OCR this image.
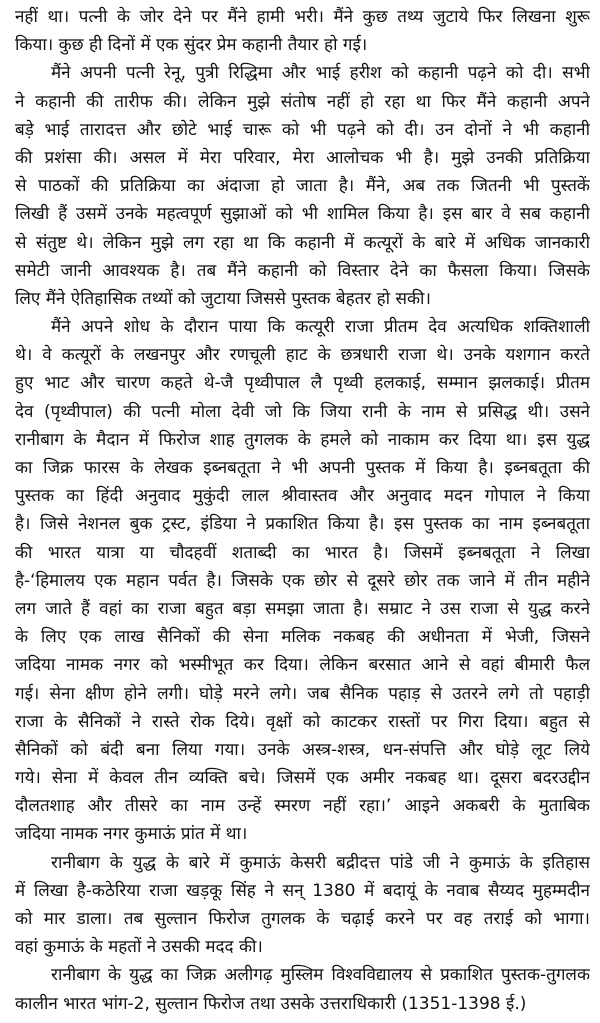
नहीं था। पत्नी के जोर देने पर मैंने हामी भरी। मैंने कुछ तथ्य जुटाये फिर लिखना शुरू
किया। कुछ ही दिनों में एक सुंदर प्रेम कहानी तैयार हो गई।
मैंने अपनी पत्नी रेनू, पुत्री रिद्धिमा और भाई हरीश को कहानी पढ़ने को दी। सभी
ने कहानी की तारीफ की। लेकिन मुझे संतोष नहीं हो रहा था फिर मैंने कहानी अपने
बड़े भाई तारादत्त और छोटे भाई चारू को भी पढ़ने को दी। उन दोनों ने भी कहानी
की प्रशंसा की। असल में मेरा परिवार, मेरा आलोचक भी है। मुझे उनकी प्रतिक्रिया
से पाठकों की प्रतिक्रिया का अंदाजा हो जाता है। मैंने, अब तक जितनी भी पुस्तकें
लिखी हैं उसमें उनके महत्वपूर्ण सुझाओं को भी शामिल किया है। इस बार वे सब कहानी
से संतुष्ट थे। लेकिन मुझे लग रहा था कि कहानी में कत्यूरों के बारे में अधिक जानकारी
समेटी जानी आवश्यक है। तब मैंने कहानी को विस्तार देने का फैसला किया। जिसके
लिए मैंने ऐतिहासिक तथ्यों को जुटाया जिससे पुस्तक बेहतर हो सकी।
मैंने अपने शोध के दौरान पाया कि कत्यूरी राजा प्रीतम देव अत्यधिक शक्तिशाली
थे। वे कत्यूरों के लखनपुर और रणचूली हाट के छत्रधारी राजा थे। उनके यशगान करते
हुए भाट और चारण कहते थे-जै पृथ्वीपाल लै पृथ्वी हलकाई, सम्मान झलकाई। प्रीतम
देव (पृथ्वीपाल) की पत्नी मोला देवी जो कि जिया रानी के नाम से प्रसिद्ध थी। उसने
रानीबाग के मैदान में फिरोज शाह तुगलक के हमले को नाकाम कर दिया था। इस युद्ध
का जिक्र फारस के लेखक इब्नबतूता ने भी अपनी पुस्तक में किया है। इब्नबतूता की
पुस्तक का हिंदी अनुवाद मुकुंदी लाल श्रीवास्तव और अनुवाद मदन गोपाल ने किया
है। जिसे नेशनल बुक ट्रस्ट, इंडिया ने प्रकाशित किया है। इस पुस्तक का नाम इब्नबतूता
की भारत यात्रा या चौदहवीं शताब्दी का भारत है। जिसमें इब्नबतूता ने लिखा
है-‘हिमालय एक महान पर्वत है। जिसके एक छोर से दूसरे छोर तक जाने में तीन महीने
लग जाते हैं वहां का राजा बहुत बड़ा समझा जाता है। सम्राट ने उस राजा से युद्ध करने
के लिए एक लाख सैनिकों की सेना मलिक नकबह की अधीनता में भेजी, जिसने
जदिया नामक नगर को भस्मीभूत कर दिया। लेकिन बरसात आने से वहां बीमारी फैल
गई। सेना क्षीण होने लगी। घोड़े मरने लगे। जब सैनिक पहाड़ से उतरने लगे तो पहाड़ी
राजा के सैनिकों ने रास्ते रोक दिये। वृक्षों को काटकर रास्तों पर गिरा दिया। बहुत से
सैनिकों को बंदी बना लिया गया। उनके अस्त्र-शस्त्र, धन-संपत्ति और घोड़े लूट लिये
गये। सेना में केवल तीन व्यक्ति बचे। जिसमें एक अमीर नकबह था। दूसरा बदरउद्दीन
दौलतशाह और तीसरे का नाम उन्हें स्मरण नहीं रहा।’ आइने अकबरी के मुताबिक
जदिया नामक नगर कुमाऊं प्रांत में था।
रानीबाग के युद्ध के बारे में कुमाऊं केसरी बद्रीदत्त पांडे जी ने कुमाऊं के इतिहास
में लिखा है-कठेरिया राजा खड़कू सिंह ने सन् 1380 में बदायूं के नवाब सैय्यद मुहम्मदीन
को मार डाला। तब सुल्तान फिरोज तुगलक के चढ़ाई करने पर वह तराई को भागा।
वहां कुमाऊं के महतों ने उसकी मदद की।
रानीबाग के युद्ध का जिक्र अलीगढ़ मुस्लिम विश्वविद्यालय से प्रकाशित पुस्तक-तुगलक
कालीन भारत भांग-2, सुल्तान फिरोज तथा उसके उत्तराधिकारी (1351-1398 ई.)
